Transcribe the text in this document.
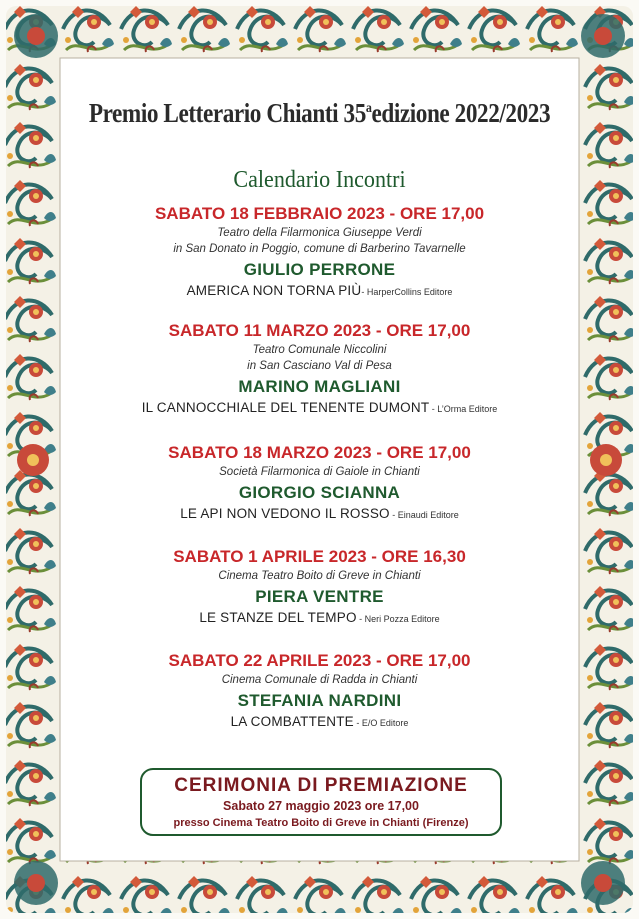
Premio Letterario Chianti 35$^a$edizione 2022/2023
Calendario Incontri
SABATO 18 FEBBRAIO 2023 - ORE 17,00
Teatro della Filarmonica Giuseppe Verdi
in San Donato in Poggio, comune di Barberino Tavarnelle
GIULIO PERRONE
AMERICA NON TORNA PIÙ- HarperCollins Editore
SABATO 11 MARZO 2023 - ORE 17,00
Teatro Comunale Niccolini
in San Casciano Val di Pesa
MARINO MAGLIANI
IL CANNOCCHIALE DEL TENENTE DUMONT - L’Orma Editore
SABATO 18 MARZO 2023 - ORE 17,00
Società Filarmonica di Gaiole in Chianti
GIORGIO SCIANNA
LE API NON VEDONO IL ROSSO - Einaudi Editore
SABATO 1 APRILE 2023 - ORE 16,30
Cinema Teatro Boito di Greve in Chianti
PIERA VENTRE
LE STANZE DEL TEMPO - Neri Pozza Editore
SABATO 22 APRILE 2023 - ORE 17,00
Cinema Comunale di Radda in Chianti
STEFANIA NARDINI
LA COMBATTENTE - E/O Editore
CERIMONIA DI PREMIAZIONE
Sabato 27 maggio 2023 ore 17,00
presso Cinema Teatro Boito di Greve in Chianti (Firenze)
